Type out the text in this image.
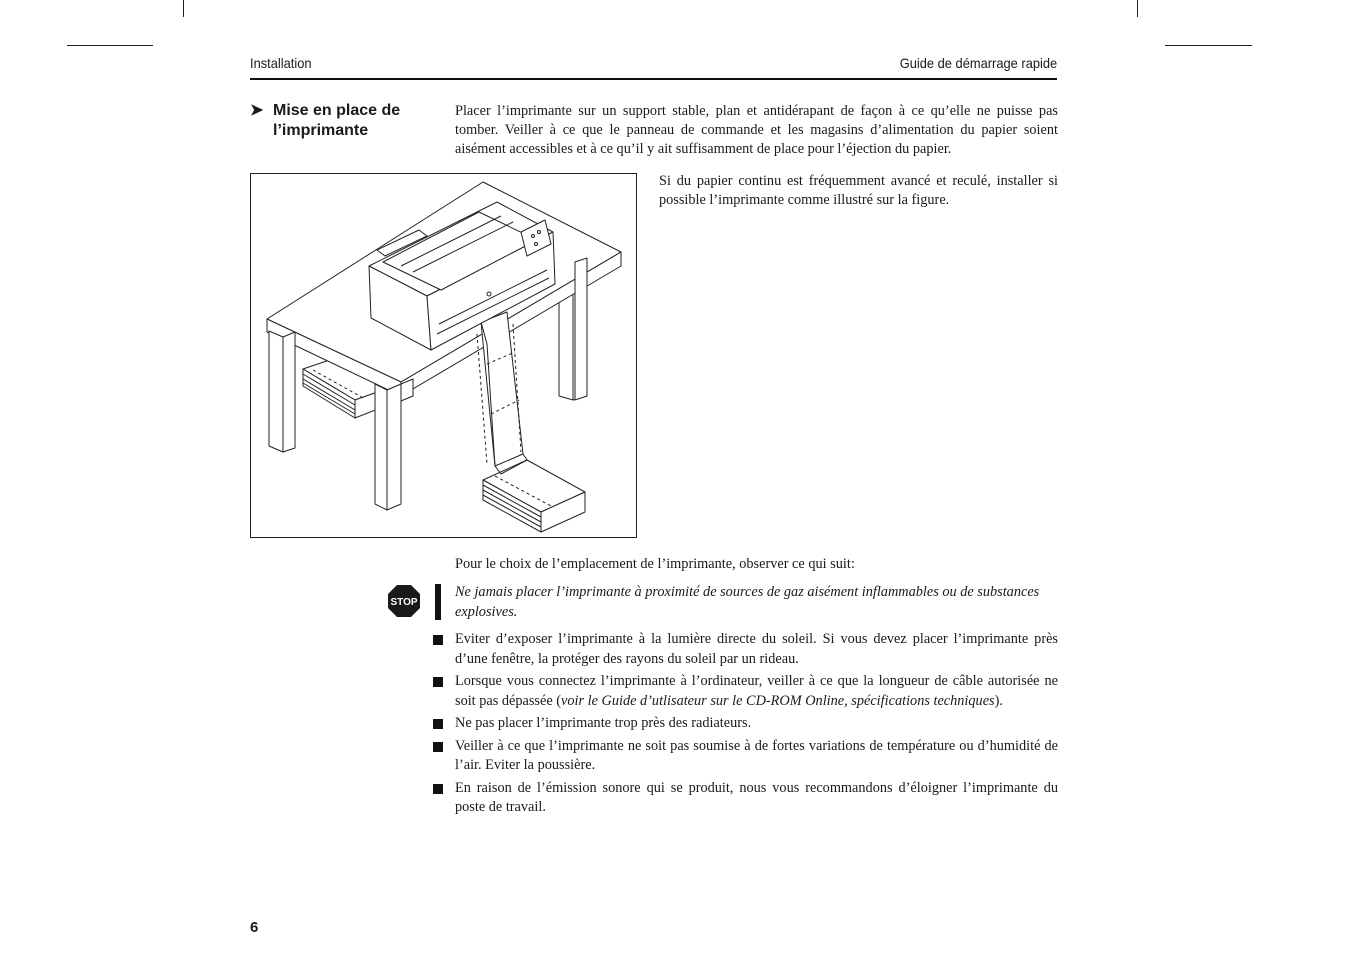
Installation	Guide de démarrage rapide
➤ Mise en place de l’imprimante
Placer l’imprimante sur un support stable, plan et antidérapant de façon à ce qu’elle ne puisse pas tomber. Veiller à ce que le panneau de commande et les magasins d’alimentation du papier soient aisément accessibles et à ce qu’il y ait suffisamment de place pour l’éjection du papier.
Si du papier continu est fréquemment avancé et reculé, installer si possible l’imprimante comme illustré sur la figure.
Pour le choix de l’emplacement de l’imprimante, observer ce qui suit:
STOP
Ne jamais placer l’imprimante à proximité de sources de gaz aisément inflammables ou de substances explosives.
Eviter d’exposer l’imprimante à la lumière directe du soleil. Si vous devez placer l’imprimante près d’une fenêtre, la protéger des rayons du soleil par un rideau.
Lorsque vous connectez l’imprimante à l’ordinateur, veiller à ce que la longueur de câble autorisée ne soit pas dépassée (voir le Guide d’utlisateur sur le CD-ROM Online, spécifications techniques).
Ne pas placer l’imprimante trop près des radiateurs.
Veiller à ce que l’imprimante ne soit pas soumise à de fortes variations de température ou d’humidité de l’air. Eviter la poussière.
En raison de l’émission sonore qui se produit, nous vous recommandons d’éloigner l’imprimante du poste de travail.
6
